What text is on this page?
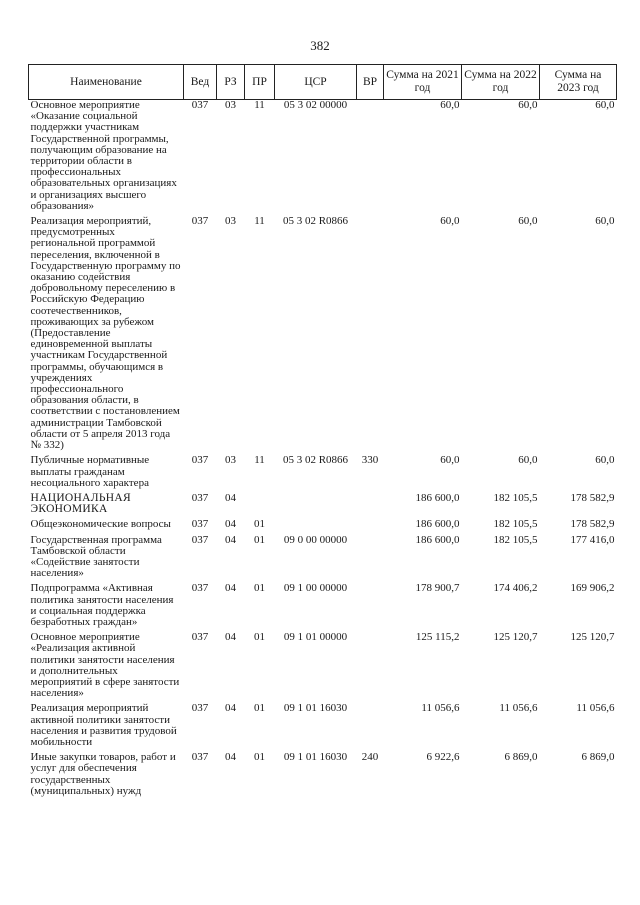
382
Наименование	Вед	РЗ	ПР	ЦСР	ВР	Сумма на 2021 год	Сумма на 2022 год	Сумма на 2023 год
Основное мероприятие «Оказание социальной поддержки участникам Государственной программы, получающим образование на территории области в профессиональных образовательных организациях и организациях высшего образования»	037	03	11	05 3 02 00000		60,0	60,0	60,0

Реализация мероприятий, предусмотренных региональной программой переселения, включенной в Государственную программу по оказанию содействия добровольному переселению в Российскую Федерацию соотечественников, проживающих за рубежом (Предоставление единовременной выплаты участникам Государственной программы, обучающимся в учреждениях профессионального образования области, в соответствии с постановлением администрации Тамбовской области от 5 апреля 2013 года № 332)	037	03	11	05 3 02 R0866		60,0	60,0	60,0

Публичные нормативные выплаты гражданам несоциального характера	037	03	11	05 3 02 R0866	330	60,0	60,0	60,0

НАЦИОНАЛЬНАЯ ЭКОНОМИКА	037	04				186 600,0	182 105,5	178 582,9

Общеэкономические вопросы	037	04	01			186 600,0	182 105,5	178 582,9

Государственная программа Тамбовской области «Содействие занятости населения»	037	04	01	09 0 00 00000		186 600,0	182 105,5	177 416,0

Подпрограмма «Активная политика занятости населения и социальная поддержка безработных граждан»	037	04	01	09 1 00 00000		178 900,7	174 406,2	169 906,2

Основное мероприятие «Реализация активной политики занятости населения и дополнительных мероприятий в сфере занятости населения»	037	04	01	09 1 01 00000		125 115,2	125 120,7	125 120,7

Реализация мероприятий активной политики занятости населения и развития трудовой мобильности	037	04	01	09 1 01 16030		11 056,6	11 056,6	11 056,6

Иные закупки товаров, работ и услуг для обеспечения государственных (муниципальных) нужд	037	04	01	09 1 01 16030	240	6 922,6	6 869,0	6 869,0
